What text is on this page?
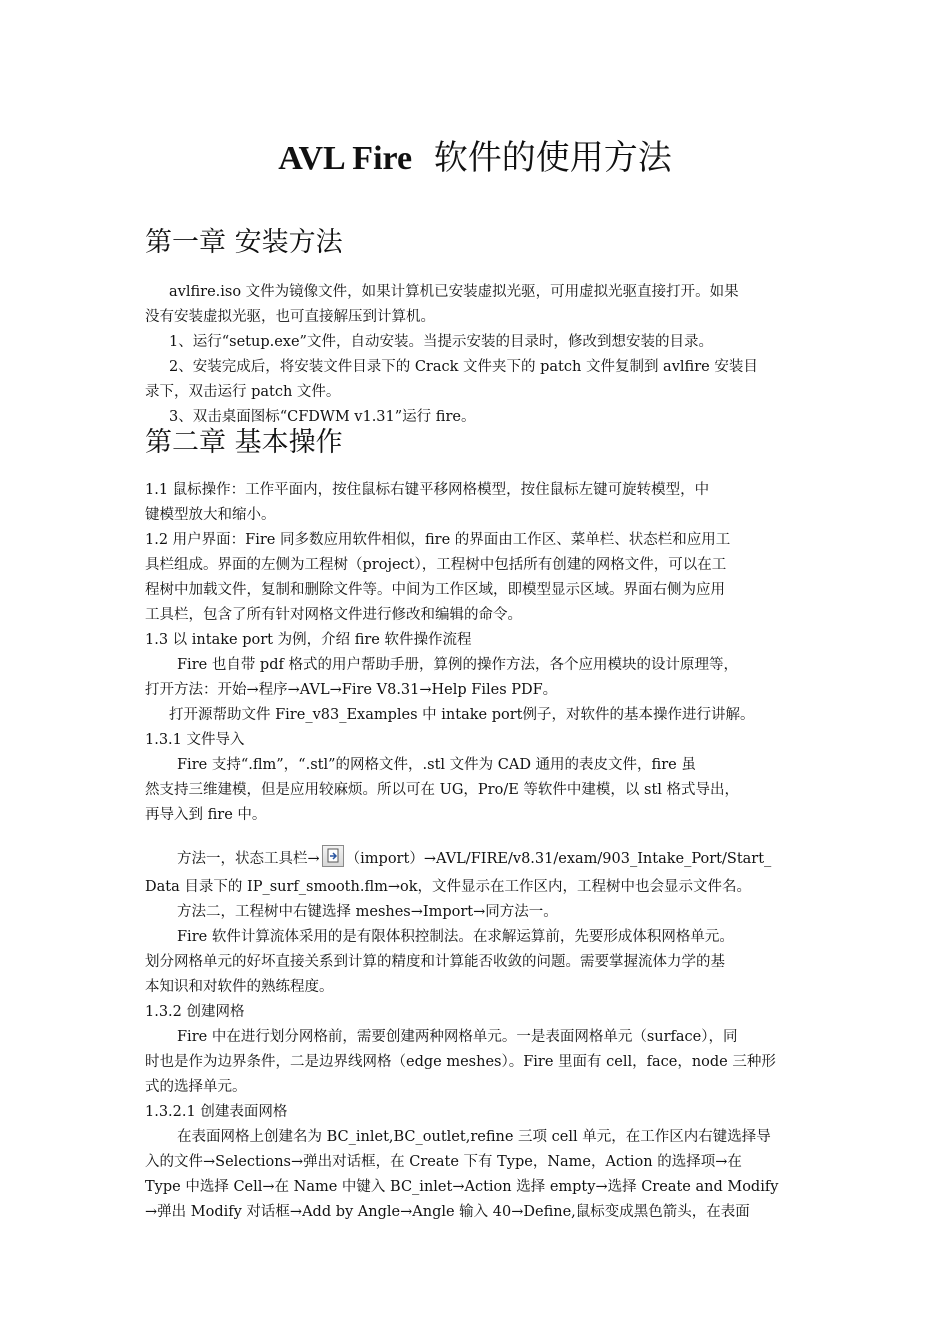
AVL Fire 软件的使用方法
第一章 安装方法
avlfire.iso 文件为镜像文件，如果计算机已安装虚拟光驱，可用虚拟光驱直接打开。如果
没有安装虚拟光驱，也可直接解压到计算机。
1、运行“setup.exe”文件，自动安装。当提示安装的目录时，修改到想安装的目录。
2、安装完成后，将安装文件目录下的 Crack 文件夹下的 patch 文件复制到 avlfire 安装目
录下，双击运行 patch 文件。
3、双击桌面图标“CFDWM v1.31”运行 fire。
第二章 基本操作
1.1 鼠标操作：工作平面内，按住鼠标右键平移网格模型，按住鼠标左键可旋转模型，中
键模型放大和缩小。
1.2 用户界面：Fire 同多数应用软件相似，fire 的界面由工作区、菜单栏、状态栏和应用工
具栏组成。界面的左侧为工程树（project），工程树中包括所有创建的网格文件，可以在工
程树中加载文件，复制和删除文件等。中间为工作区域，即模型显示区域。界面右侧为应用
工具栏，包含了所有针对网格文件进行修改和编辑的命令。
1.3 以 intake port 为例，介绍 fire 软件操作流程
Fire 也自带 pdf 格式的用户帮助手册，算例的操作方法，各个应用模块的设计原理等，
打开方法：开始→程序→AVL→Fire V8.31→Help Files PDF。
打开源帮助文件 Fire_v83_Examples 中 intake port例子，对软件的基本操作进行讲解。
1.3.1 文件导入
Fire 支持“.flm”，“.stl”的网格文件，.stl 文件为 CAD 通用的表皮文件，fire 虽
然支持三维建模，但是应用较麻烦。所以可在 UG，Pro/E 等软件中建模，以 stl 格式导出，
再导入到 fire 中。
方法一，状态工具栏→ （import）→AVL/FIRE/v8.31/exam/903_Intake_Port/Start_
Data 目录下的 IP_surf_smooth.flm→ok，文件显示在工作区内，工程树中也会显示文件名。
方法二，工程树中右键选择 meshes→Import→同方法一。
Fire 软件计算流体采用的是有限体积控制法。在求解运算前，先要形成体积网格单元。
划分网格单元的好坏直接关系到计算的精度和计算能否收敛的问题。需要掌握流体力学的基
本知识和对软件的熟练程度。
1.3.2 创建网格
Fire 中在进行划分网格前，需要创建两种网格单元。一是表面网格单元（surface），同
时也是作为边界条件，二是边界线网格（edge meshes）。Fire 里面有 cell，face，node 三种形
式的选择单元。
1.3.2.1 创建表面网格
在表面网格上创建名为 BC_inlet,BC_outlet,refine 三项 cell 单元，在工作区内右键选择导
入的文件→Selections→弹出对话框，在 Create 下有 Type，Name，Action 的选择项→在
Type 中选择 Cell→在 Name 中键入 BC_inlet→Action 选择 empty→选择 Create and Modify
→弹出 Modify 对话框→Add by Angle→Angle 输入 40→Define,鼠标变成黑色箭头，在表面
